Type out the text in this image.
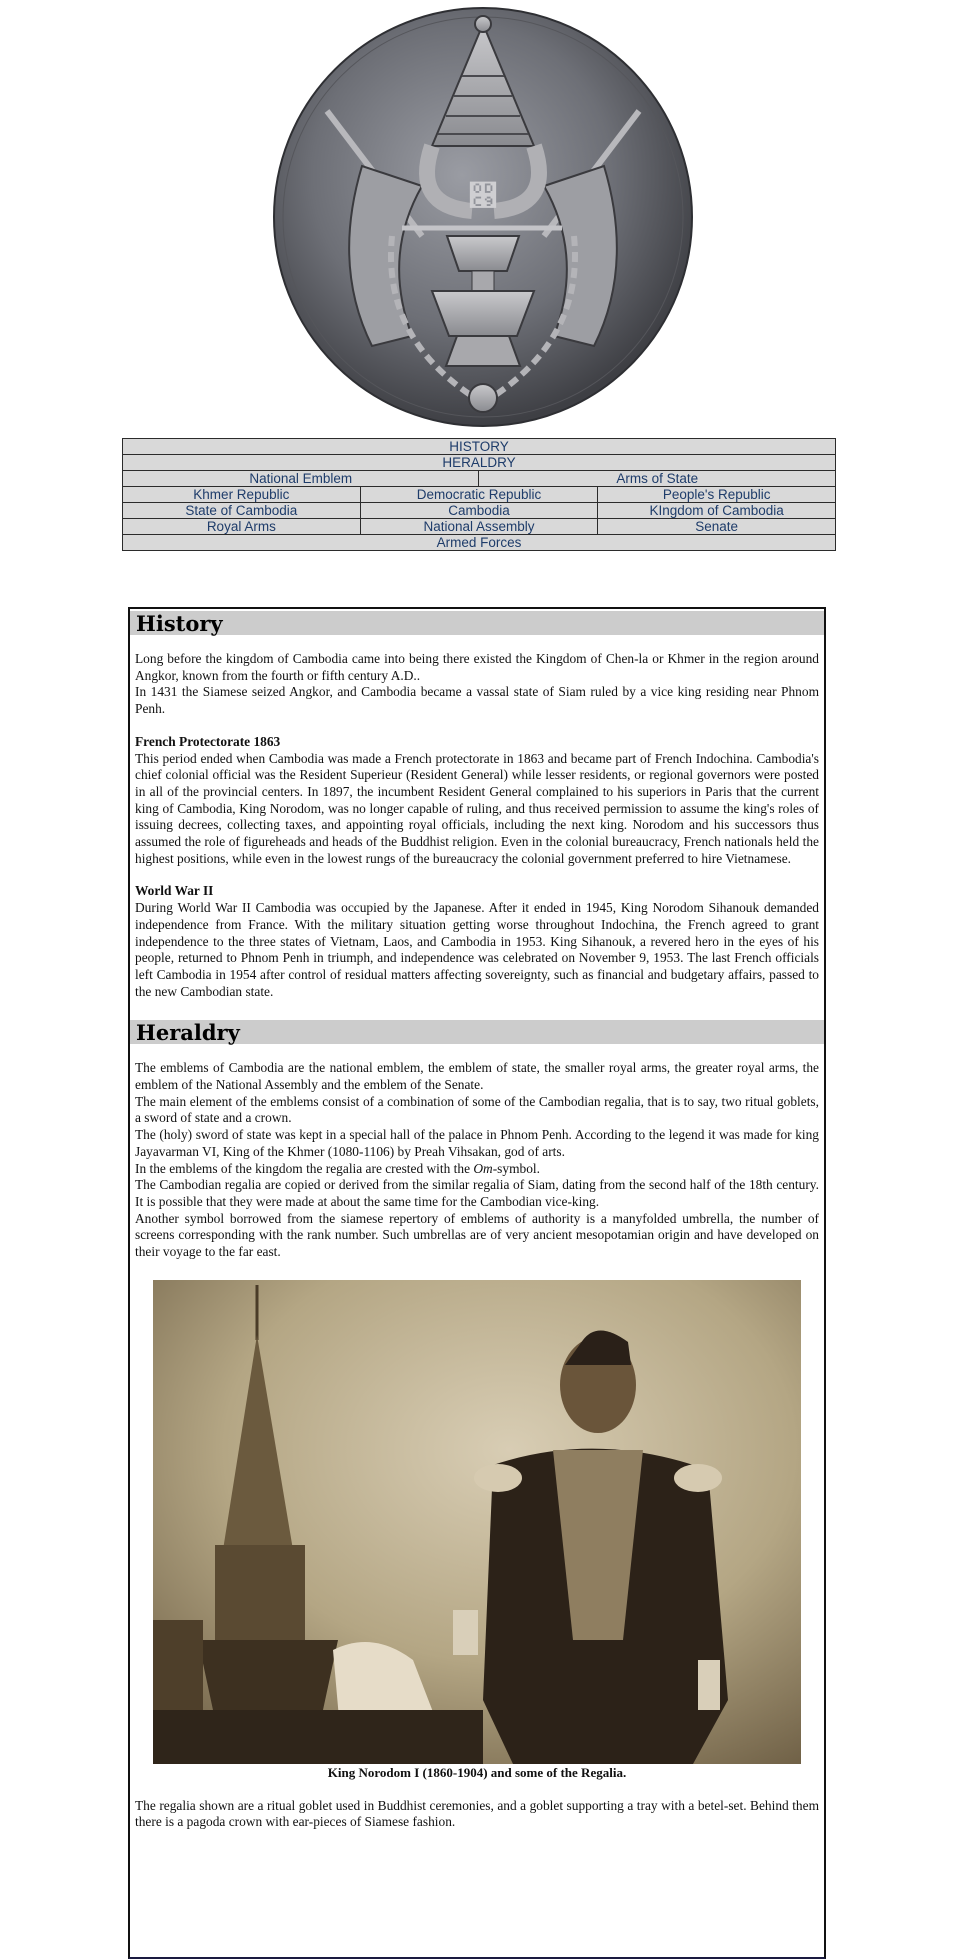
෉
HISTORY			
HERALDRY			
National Emblem		Arms of State	
Khmer Republic	Democratic Republic		People's Republic
State of Cambodia	Cambodia		KIngdom of Cambodia
Royal Arms	National Assembly		Senate
Armed Forces			
History

Long before the kingdom of Cambodia came into being there existed the Kingdom of Chen-la or Khmer in the region around Angkor, known from the fourth or fifth century A.D..

In 1431 the Siamese seized Angkor, and Cambodia became a vassal state of Siam ruled by a vice king residing near Phnom Penh.

French Protectorate 1863

This period ended when Cambodia was made a French protectorate in 1863 and became part of French Indochina. Cambodia's chief colonial official was the Resident Superieur (Resident General) while lesser residents, or regional governors were posted in all of the provincial centers. In 1897, the incumbent Resident General complained to his superiors in Paris that the current king of Cambodia, King Norodom, was no longer capable of ruling, and thus received permission to assume the king's roles of issuing decrees, collecting taxes, and appointing royal officials, including the next king. Norodom and his successors thus assumed the role of figureheads and heads of the Buddhist religion. Even in the colonial bureaucracy, French nationals held the highest positions, while even in the lowest rungs of the bureaucracy the colonial government preferred to hire Vietnamese.

World War II

During World War II Cambodia was occupied by the Japanese. After it ended in 1945, King Norodom Sihanouk demanded independence from France. With the military situation getting worse throughout Indochina, the French agreed to grant independence to the three states of Vietnam, Laos, and Cambodia in 1953. King Sihanouk, a revered hero in the eyes of his people, returned to Phnom Penh in triumph, and independence was celebrated on November 9, 1953. The last French officials left Cambodia in 1954 after control of residual matters affecting sovereignty, such as financial and budgetary affairs, passed to the new Cambodian state.

Heraldry

The emblems of Cambodia are the national emblem, the emblem of state, the smaller royal arms, the greater royal arms, the emblem of the National Assembly and the emblem of the Senate.

The main element of the emblems consist of a combination of some of the Cambodian regalia, that is to say, two ritual goblets, a sword of state and a crown.

The (holy) sword of state was kept in a special hall of the palace in Phnom Penh. According to the legend it was made for king Jayavarman VI, King of the Khmer (1080-1106) by Preah Vihsakan, god of arts.

In the emblems of the kingdom the regalia are crested with the Om-symbol.

The Cambodian regalia are copied or derived from the similar regalia of Siam, dating from the second half of the 18th century. It is possible that they were made at about the same time for the Cambodian vice-king.

Another symbol borrowed from the siamese repertory of emblems of authority is a manyfolded umbrella, the number of screens corresponding with the rank number. Such umbrellas are of very ancient mesopotamian origin and have developed on their voyage to the far east.

King Norodom I (1860-1904) and some of the Regalia.

The regalia shown are a ritual goblet used in Buddhist ceremonies, and a goblet supporting a tray with a betel-set. Behind them there is a pagoda crown with ear-pieces of Siamese fashion.
